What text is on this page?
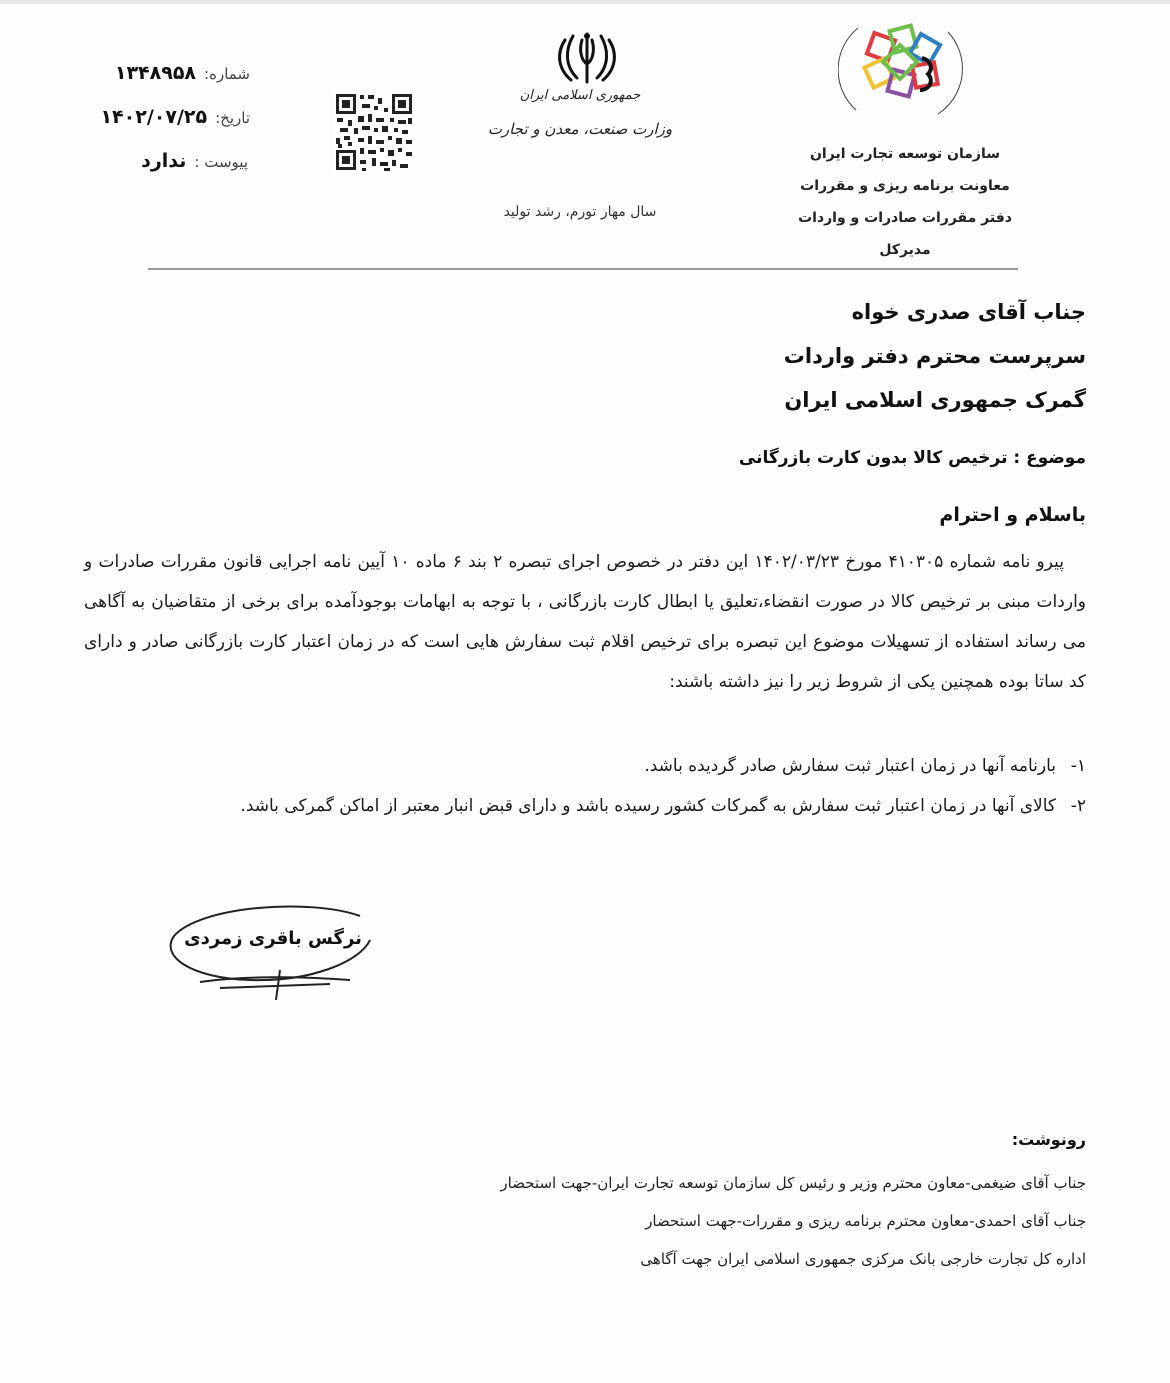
شماره:
۱۳۴۸۹۵۸
تاریخ:
۱۴۰۲/۰۷/۲۵
پیوست :
ندارد
جمهوری اسلامی ایران
وزارت صنعت، معدن و تجارت
سال مهار تورم، رشد تولید
سازمان توسعه تجارت ایران
معاونت برنامه ریزی و مقررات
دفتر مقررات صادرات و واردات
مدیرکل
جناب آقای صدری خواه
سرپرست محترم دفتر واردات
گمرک جمهوری اسلامی ایران
موضوع : ترخیص کالا بدون کارت بازرگانی
باسلام و احترام
پیرو نامه شماره ۴۱۰۳۰۵ مورخ ۱۴۰۲/۰۳/۲۳ این دفتر در خصوص اجرای تبصره ۲ بند ۶ ماده ۱۰ آیین نامه اجرایی قانون مقررات صادرات و واردات مبنی بر ترخیص کالا در صورت انقضاء،تعلیق یا ابطال کارت بازرگانی ، با توجه به ابهامات بوجودآمده برای برخی از متقاضیان به آگاهی می رساند استفاده از تسهیلات موضوع این تبصره برای ترخیص اقلام ثبت سفارش هایی است که در زمان اعتبار کارت بازرگانی صادر و دارای کد ساتا بوده همچنین یکی از شروط زیر را نیز داشته باشند:
۱-
بارنامه آنها در زمان اعتبار ثبت سفارش صادر گردیده باشد.
۲-
کالای آنها در زمان اعتبار ثبت سفارش به گمرکات کشور رسیده باشد و دارای قبض انبار معتبر از اماکن گمرکی باشد.
نرگس باقری زمردی
رونوشت:
جناب آقای ضیغمی-معاون محترم وزیر و رئیس کل سازمان توسعه تجارت ایران-جهت استحضار
جناب آقای احمدی-معاون محترم برنامه ریزی و مقررات-جهت استحضار
اداره کل تجارت خارجی بانک مرکزی جمهوری اسلامی ایران جهت آگاهی
